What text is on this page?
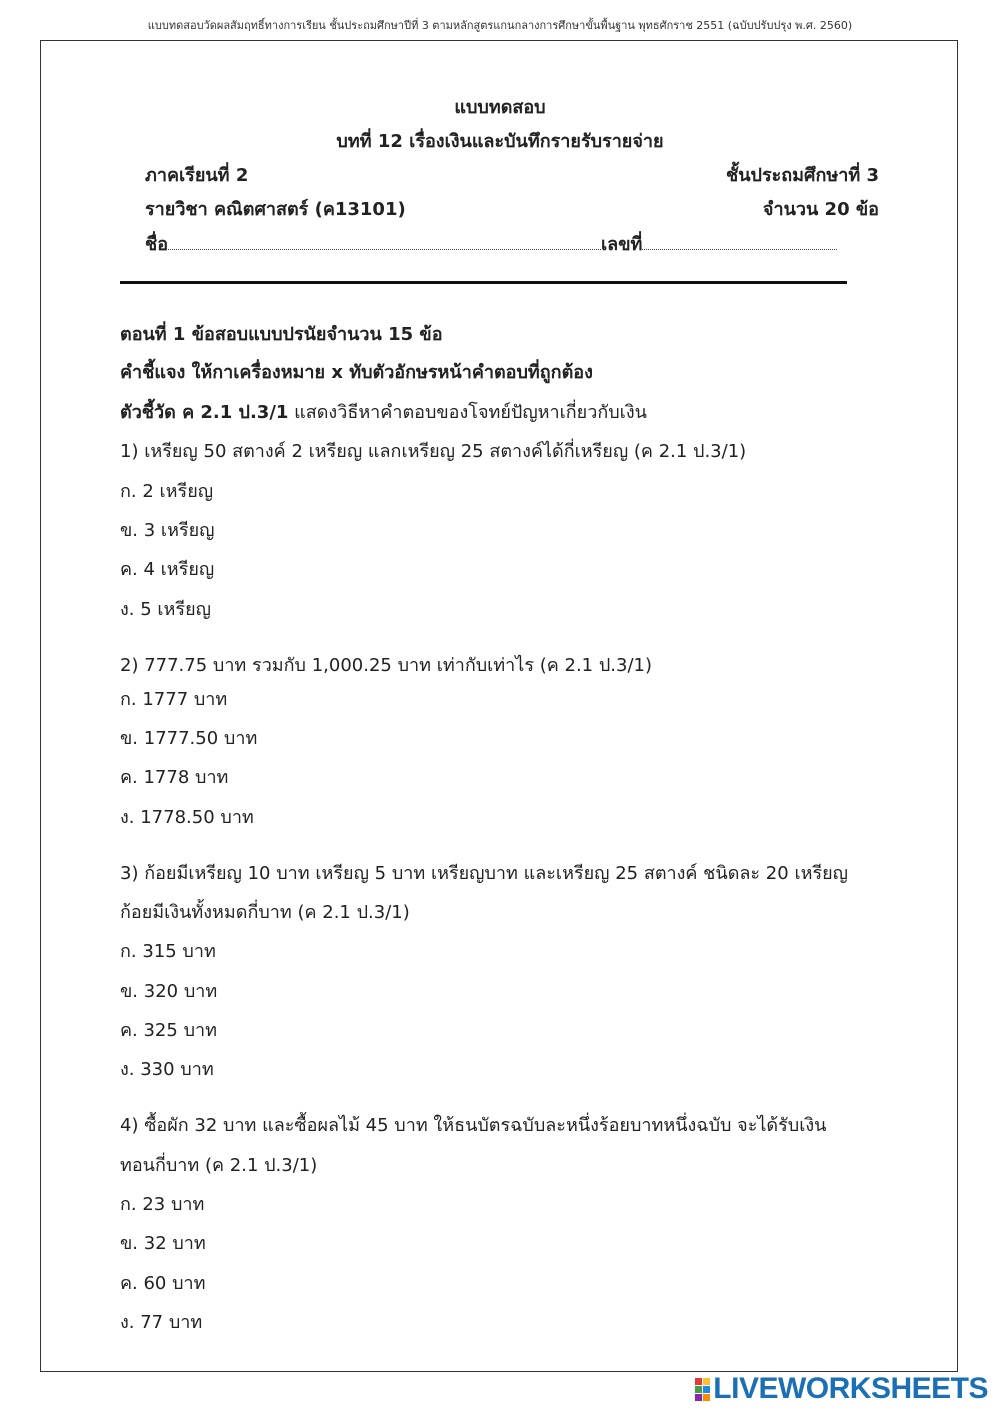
แบบทดสอบวัดผลสัมฤทธิ์ทางการเรียน ชั้นประถมศึกษาปีที่ 3 ตามหลักสูตรแกนกลางการศึกษาขั้นพื้นฐาน พุทธศักราช 2551 (ฉบับปรับปรุง พ.ศ. 2560)
แบบทดสอบ
บทที่ 12 เรื่องเงินและบันทึกรายรับรายจ่าย
ภาคเรียนที่ 2	ชั้นประถมศึกษาที่ 3
รายวิชา คณิตศาสตร์ (ค13101)	จำนวน 20 ข้อ
ชื่อ	เลขที่
ตอนที่ 1 ข้อสอบแบบปรนัยจำนวน 15 ข้อ
คำชี้แจง ให้กาเครื่องหมาย x ทับตัวอักษรหน้าคำตอบที่ถูกต้อง
ตัวชี้วัด ค 2.1 ป.3/1 แสดงวิธีหาคำตอบของโจทย์ปัญหาเกี่ยวกับเงิน
1) เหรียญ 50 สตางค์ 2 เหรียญ แลกเหรียญ 25 สตางค์ได้กี่เหรียญ (ค 2.1 ป.3/1)
ก. 2 เหรียญ
ข. 3 เหรียญ
ค. 4 เหรียญ
ง. 5 เหรียญ
2) 777.75 บาท รวมกับ 1,000.25 บาท เท่ากับเท่าไร (ค 2.1 ป.3/1)
ก. 1777 บาท
ข. 1777.50 บาท
ค. 1778 บาท
ง. 1778.50 บาท
3) ก้อยมีเหรียญ 10 บาท เหรียญ 5 บาท เหรียญบาท และเหรียญ 25 สตางค์ ชนิดละ 20 เหรียญ
ก้อยมีเงินทั้งหมดกี่บาท (ค 2.1 ป.3/1)
ก. 315 บาท
ข. 320 บาท
ค. 325 บาท
ง. 330 บาท
4) ซื้อผัก 32 บาท และซื้อผลไม้ 45 บาท ให้ธนบัตรฉบับละหนึ่งร้อยบาทหนึ่งฉบับ จะได้รับเงิน
ทอนกี่บาท (ค 2.1 ป.3/1)
ก. 23 บาท
ข. 32 บาท
ค. 60 บาท
ง. 77 บาท
LIVEWORKSHEETS
